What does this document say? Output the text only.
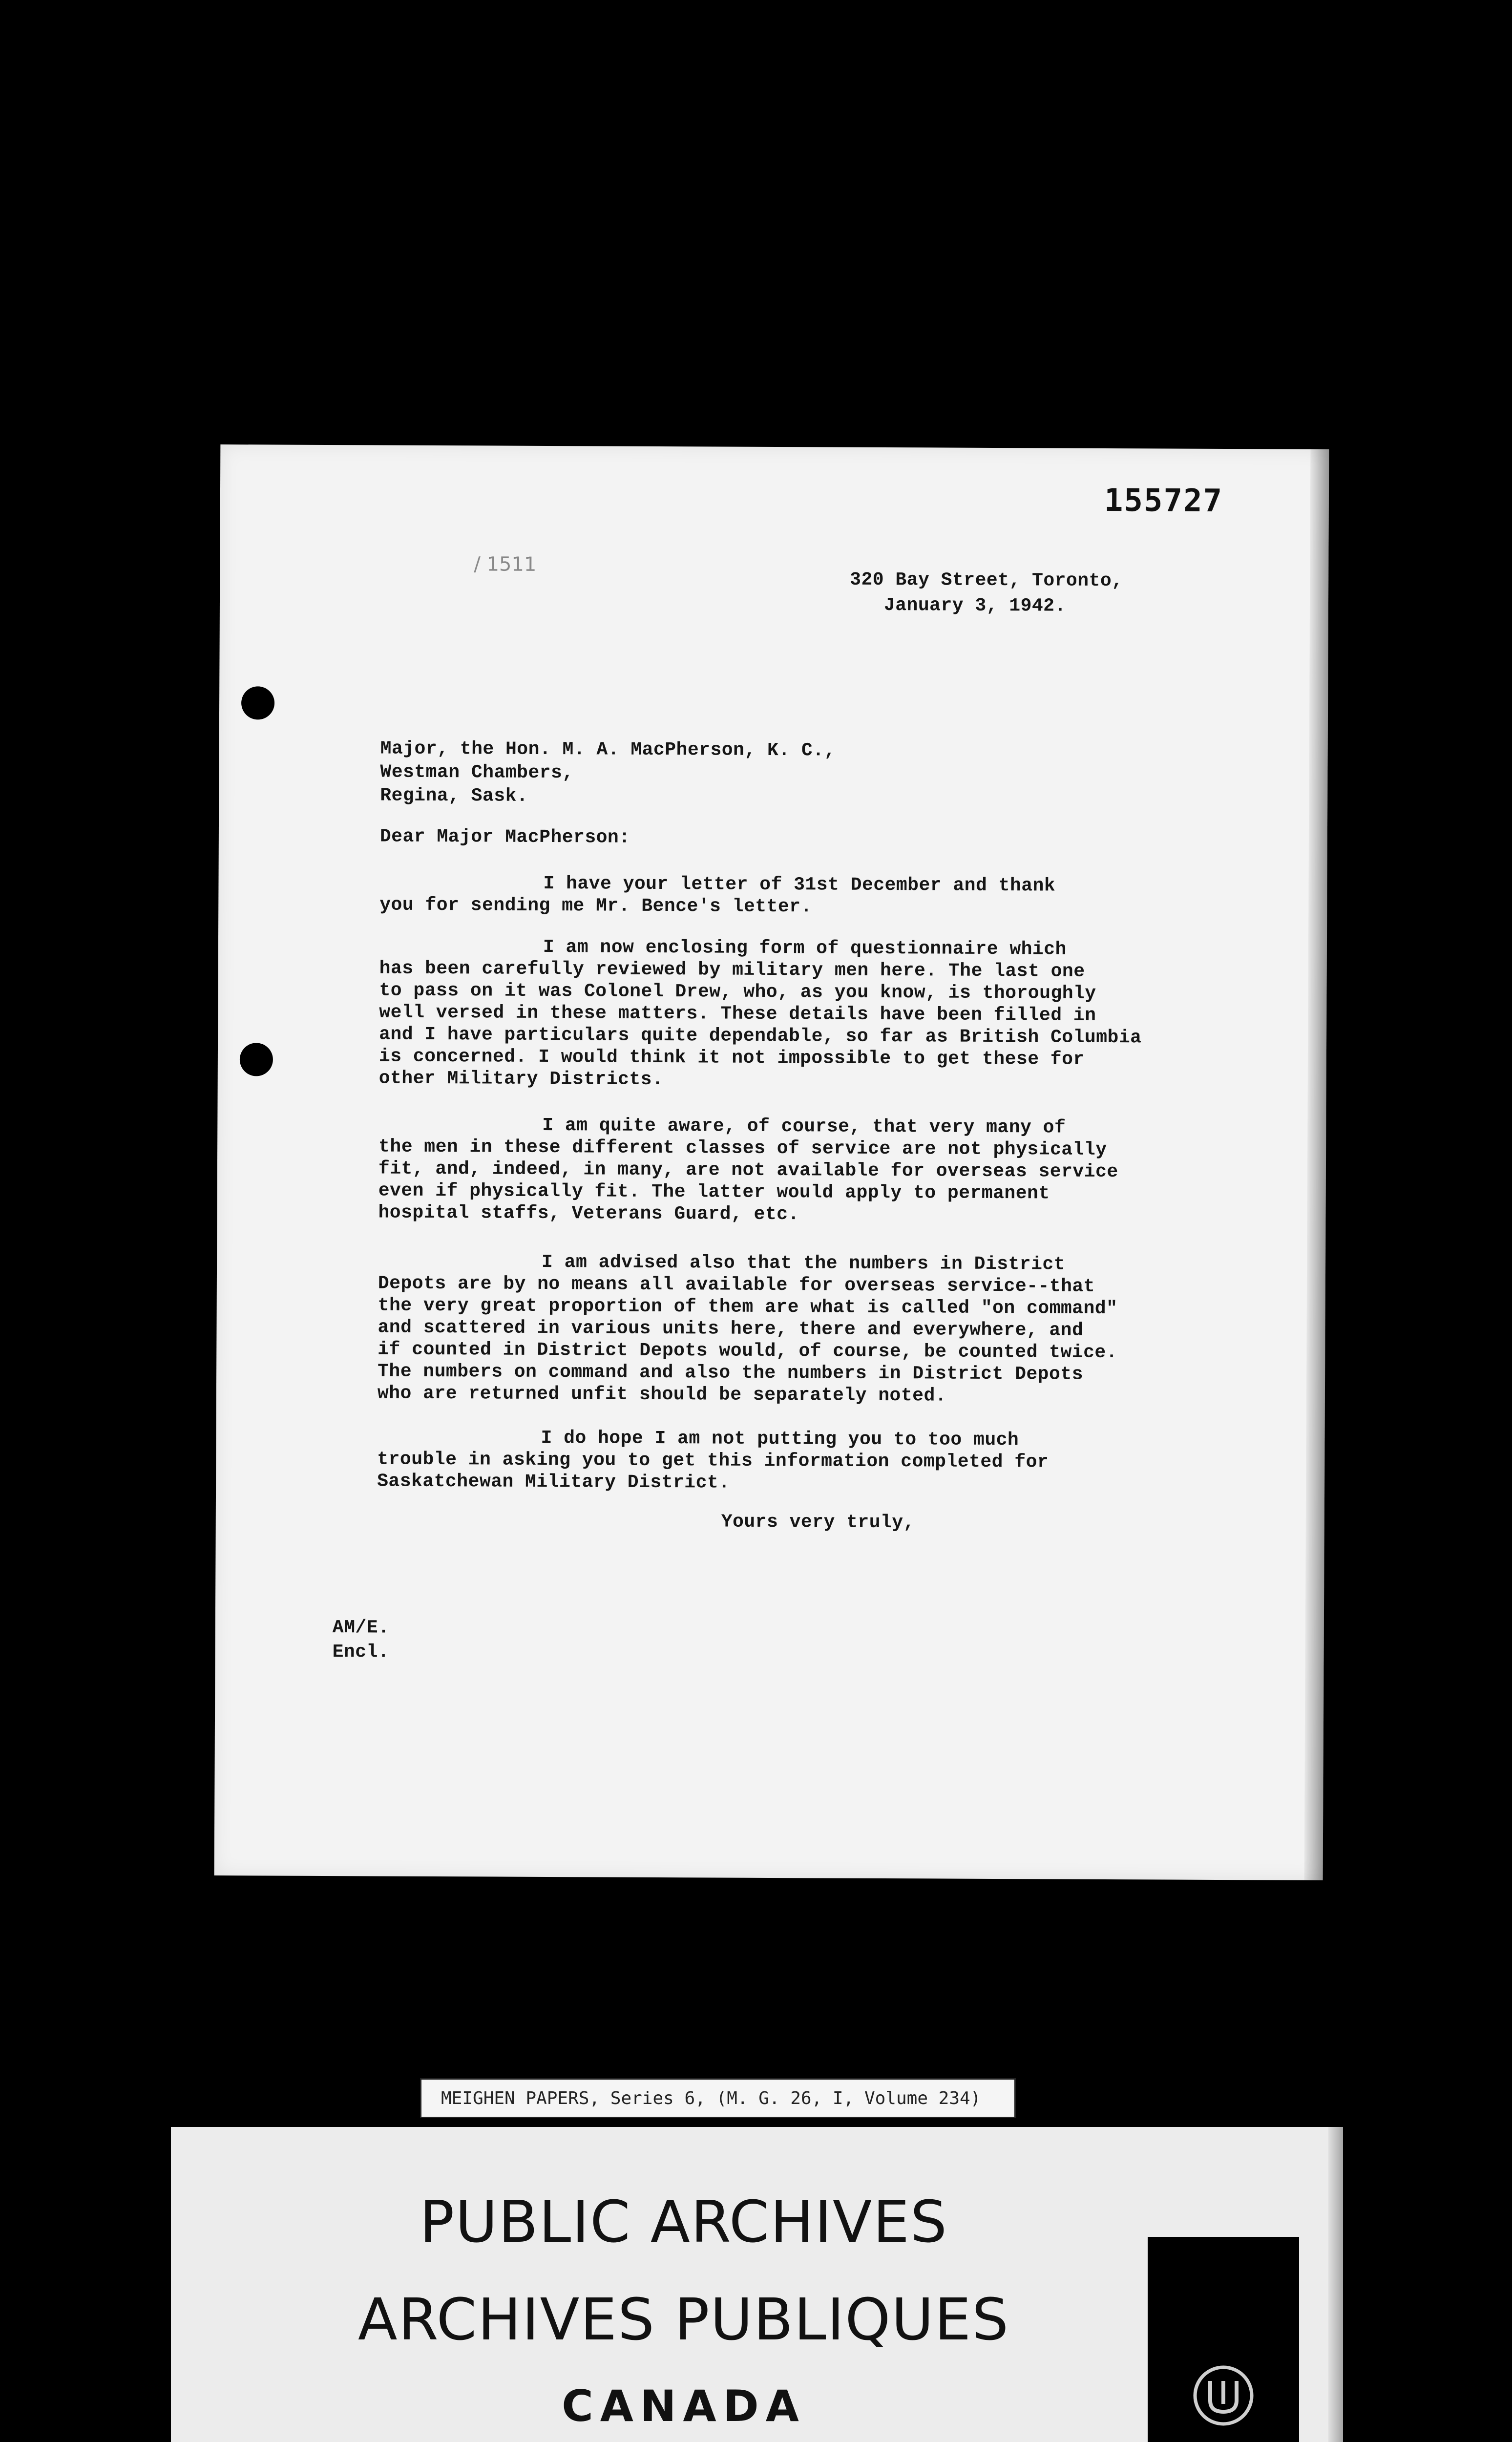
155727
/ 1511
320 Bay Street, Toronto,
January 3, 1942.
Major, the Hon. M. A. MacPherson, K. C.,
Westman Chambers,
Regina, Sask.
Dear Major MacPherson:
I have your letter of 31st December and thank
you for sending me Mr. Bence's letter.
I am now enclosing form of questionnaire which
has been carefully reviewed by military men here. The last one
to pass on it was Colonel Drew, who, as you know, is thoroughly
well versed in these matters. These details have been filled in
and I have particulars quite dependable, so far as British Columbia
is concerned. I would think it not impossible to get these for
other Military Districts.
I am quite aware, of course, that very many of
the men in these different classes of service are not physically
fit, and, indeed, in many, are not available for overseas service
even if physically fit. The latter would apply to permanent
hospital staffs, Veterans Guard, etc.
I am advised also that the numbers in District
Depots are by no means all available for overseas service--that
the very great proportion of them are what is called "on command"
and scattered in various units here, there and everywhere, and
if counted in District Depots would, of course, be counted twice.
The numbers on command and also the numbers in District Depots
who are returned unfit should be separately noted.
I do hope I am not putting you to too much
trouble in asking you to get this information completed for
Saskatchewan Military District.
Yours very truly,
AM/E.
Encl.
MEIGHEN PAPERS, Series 6, (M. G. 26, I, Volume 234)
PUBLIC ARCHIVES
ARCHIVES PUBLIQUES
CANADA
